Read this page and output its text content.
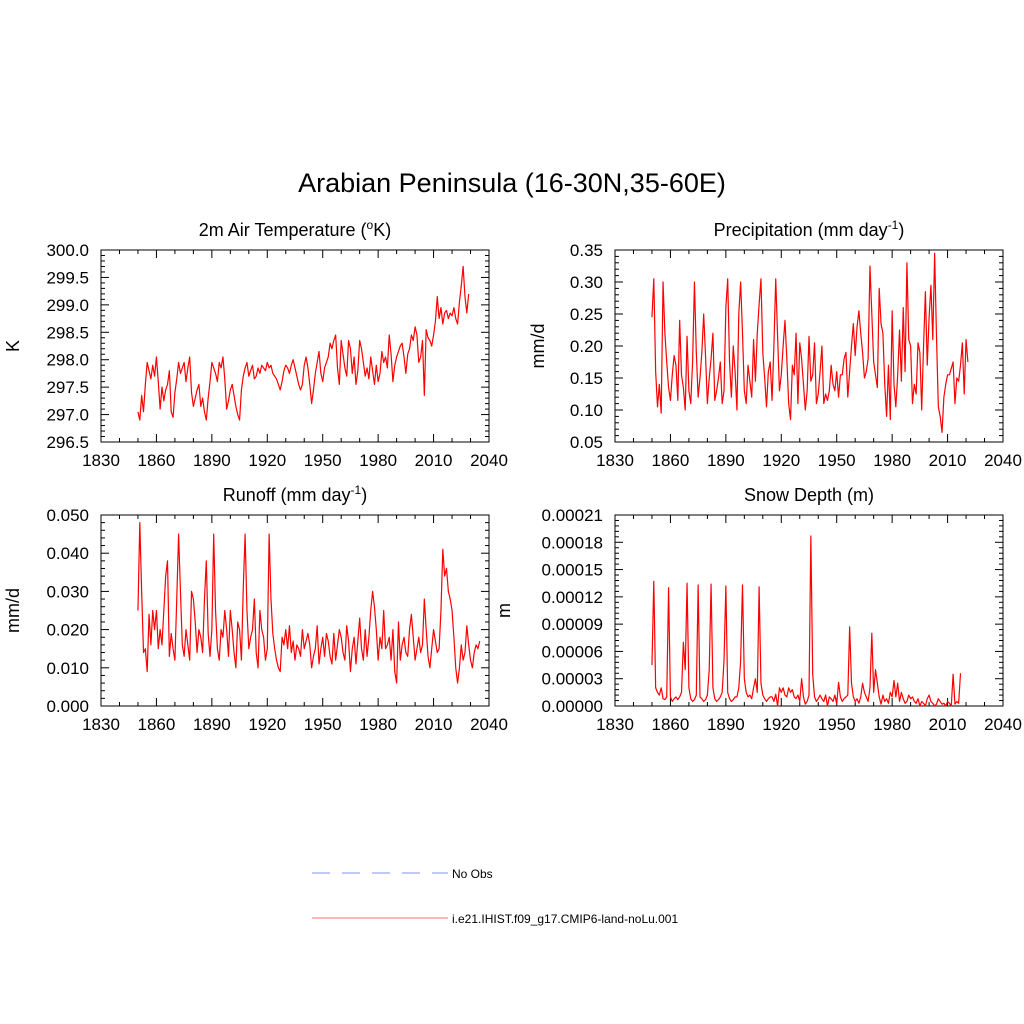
Arabian Peninsula (16-30N,35-60E)
2m Air Temperature ($^o$K)
1830 1860 1890 1920 1950 1980 2010 2040
296.5
297.0
297.5
298.0
298.5
299.0
299.5
300.0
K
Precipitation (mm day$^{-1}$)
1830 1860 1890 1920 1950 1980 2010 2040
0.05
0.10
0.15
0.20
0.25
0.30
0.35
mm/d
Runoff (mm day$^{-1}$)
1830 1860 1890 1920 1950 1980 2010 2040
0.000
0.010
0.020
0.030
0.040
0.050
mm/d
Snow Depth (m)
1830 1860 1890 1920 1950 1980 2010 2040
0.00000
0.00003
0.00006
0.00009
0.00012
0.00015
0.00018
0.00021
m
No Obs
i.e21.IHIST.f09_g17.CMIP6-land-noLu.001
